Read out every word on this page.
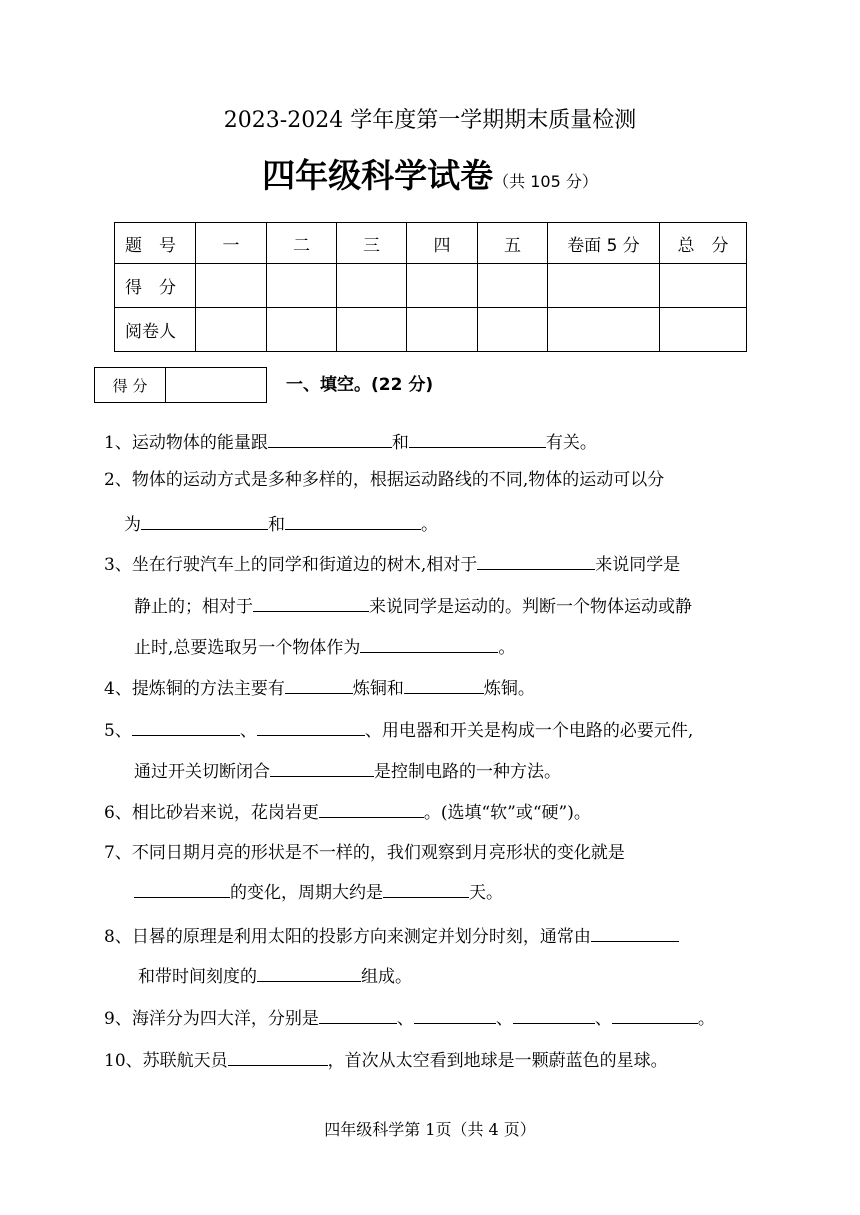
2023-2024 学年度第一学期期末质量检测
四年级科学试卷（共 105 分）
题　号	一	二	三	四	五	卷面 5 分	总　分
得　分							
阅卷人							
得 分	一、填空。(22 分)
1、运动物体的能量跟	和	有关。
2、物体的运动方式是多种多样的，根据运动路线的不同,物体的运动可以分
为	和	。
3、坐在行驶汽车上的同学和街道边的树木,相对于	来说同学是
静止的；相对于	来说同学是运动的。判断一个物体运动或静
止时,总要选取另一个物体作为	。
4、提炼铜的方法主要有	炼铜和	炼铜。
5、	、	、用电器和开关是构成一个电路的必要元件,
通过开关切断闭合	是控制电路的一种方法。
6、相比砂岩来说，花岗岩更	。(选填“软”或“硬”)。
7、不同日期月亮的形状是不一样的，我们观察到月亮形状的变化就是
的变化，周期大约是	天。
8、日晷的原理是利用太阳的投影方向来测定并划分时刻，通常由
和带时间刻度的	组成。
9、海洋分为四大洋，分别是	、	、	、	。
10、苏联航天员	，首次从太空看到地球是一颗蔚蓝色的星球。
四年级科学第 1页（共 4 页）
